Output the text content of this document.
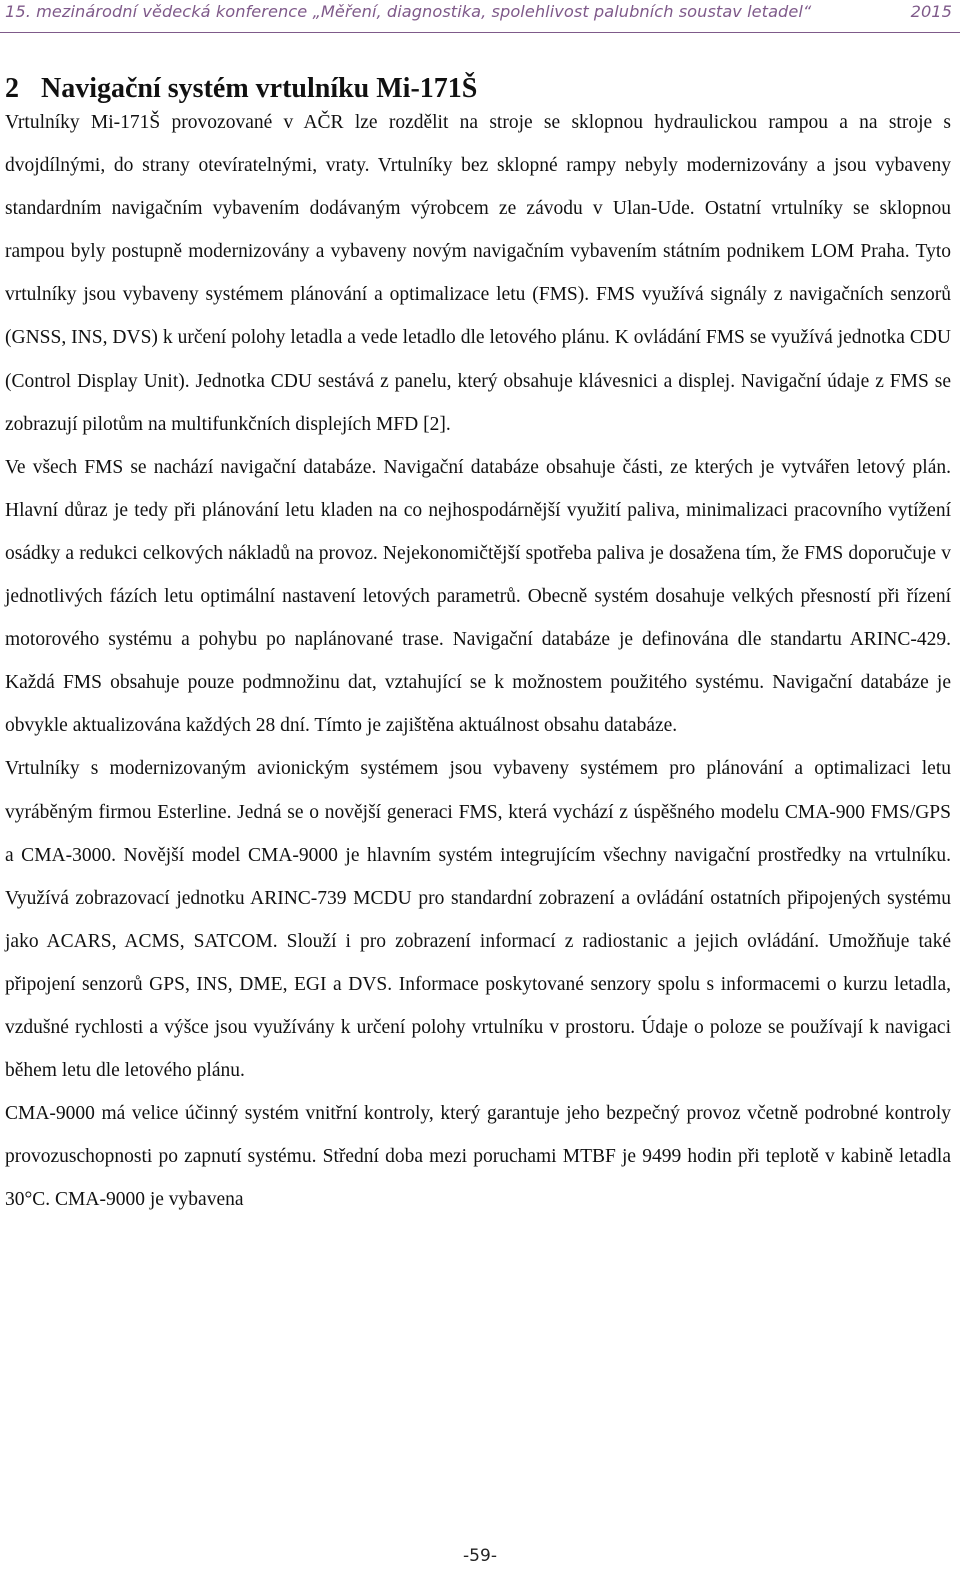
15. mezinárodní vědecká konference „Měření, diagnostika, spolehlivost palubních soustav letadel“	2015
2 Navigační systém vrtulníku Mi-171Š

Vrtulníky Mi-171Š provozované v AČR lze rozdělit na stroje se sklopnou hydraulickou rampou a na stroje s dvojdílnými, do strany otevíratelnými, vraty. Vrtulníky bez sklopné rampy nebyly modernizovány a jsou vybaveny standardním navigačním vybavením dodávaným výrobcem ze závodu v Ulan-Ude. Ostatní vrtulníky se sklopnou rampou byly postupně modernizovány a vybaveny novým navigačním vybavením státním podnikem LOM Praha. Tyto vrtulníky jsou vybaveny systémem plánování a optimalizace letu (FMS). FMS využívá signály z navigačních senzorů (GNSS, INS, DVS) k určení polohy letadla a vede letadlo dle letového plánu. K ovládání FMS se využívá jednotka CDU (Control Display Unit). Jednotka CDU sestává z panelu, který obsahuje klávesnici a displej. Navigační údaje z FMS se zobrazují pilotům na multifunkčních displejích MFD [2].

Ve všech FMS se nachází navigační databáze. Navigační databáze obsahuje části, ze kterých je vytvářen letový plán. Hlavní důraz je tedy při plánování letu kladen na co nejhospodárnější využití paliva, minimalizaci pracovního vytížení osádky a redukci celkových nákladů na provoz. Nejekonomičtější spotřeba paliva je dosažena tím, že FMS doporučuje v jednotlivých fázích letu optimální nastavení letových parametrů. Obecně systém dosahuje velkých přesností při řízení motorového systému a pohybu po naplánované trase. Navigační databáze je definována dle standartu ARINC-429. Každá FMS obsahuje pouze podmnožinu dat, vztahující se k možnostem použitého systému. Navigační databáze je obvykle aktualizována každých 28 dní. Tímto je zajištěna aktuálnost obsahu databáze.

Vrtulníky s modernizovaným avionickým systémem jsou vybaveny systémem pro plánování a optimalizaci letu vyráběným firmou Esterline. Jedná se o novější generaci FMS, která vychází z úspěšného modelu CMA-900 FMS/GPS a CMA-3000. Novější model CMA-9000 je hlavním systém integrujícím všechny navigační prostředky na vrtulníku. Využívá zobrazovací jednotku ARINC-739 MCDU pro standardní zobrazení a ovládání ostatních připojených systému jako ACARS, ACMS, SATCOM. Slouží i pro zobrazení informací z radiostanic a jejich ovládání. Umožňuje také připojení senzorů GPS, INS, DME, EGI a DVS. Informace poskytované senzory spolu s informacemi o kurzu letadla, vzdušné rychlosti a výšce jsou využívány k určení polohy vrtulníku v prostoru. Údaje o poloze se používají k navigaci během letu dle letového plánu.

CMA-9000 má velice účinný systém vnitřní kontroly, který garantuje jeho bezpečný provoz včetně podrobné kontroly provozuschopnosti po zapnutí systému. Střední doba mezi poruchami MTBF je 9499 hodin při teplotě v kabině letadla 30°C. CMA-9000 je vybavena

-59-
